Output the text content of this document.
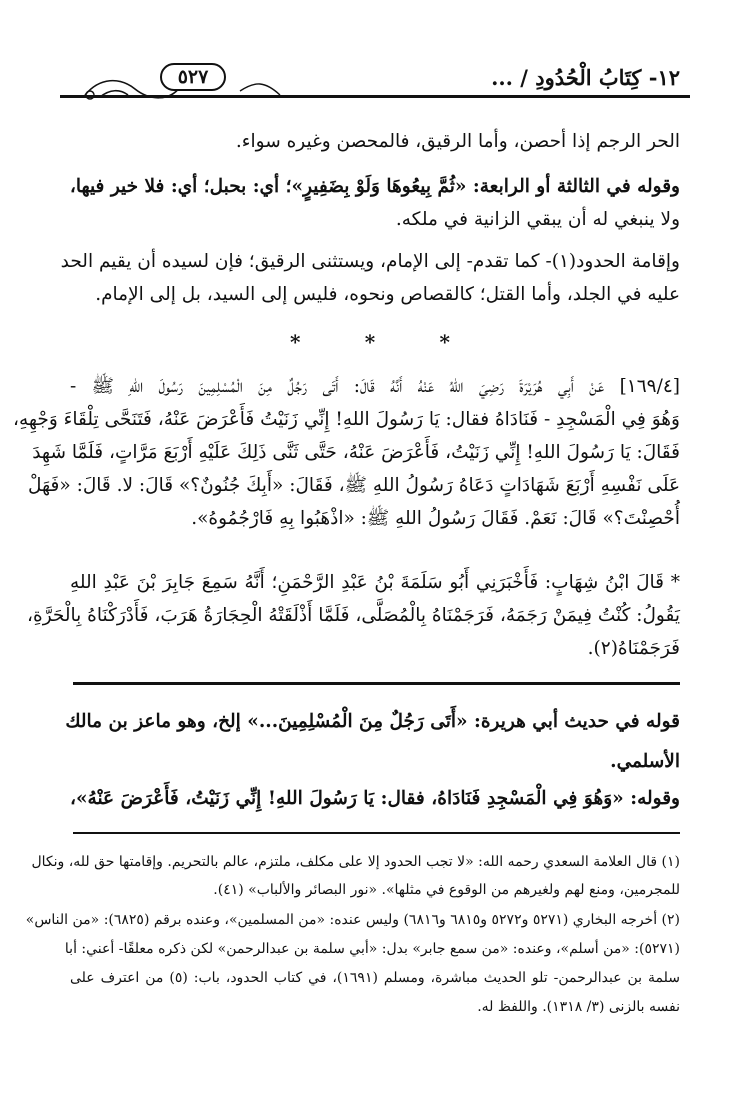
١٢- كِتَابُ الْحُدُودِ / ...
٥٢٧
الحر الرجم إذا أحصن، وأما الرقيق، فالمحصن وغيره سواء.
وقوله في الثالثة أو الرابعة: «ثُمَّ بِيعُوهَا وَلَوْ بِضَفِيرٍ»؛ أي: بحبل؛ أي: فلا خير فيها،
ولا ينبغي له أن يبقي الزانية في ملكه.
وإقامة الحدود(١)- كما تقدم- إلى الإمام، ويستثنى الرقيق؛ فإن لسيده أن يقيم الحد
عليه في الجلد، وأما القتل؛ كالقصاص ونحوه، فليس إلى السيد، بل إلى الإمام.
*	*	*
[١٦٩/٤] عَنْ أَبِي هُرَيْرَةَ رَضِيَ اللهُ عَنْهُ أَنَّهُ قَالَ: أَتَى رَجُلٌ مِنَ الْمُسْلِمِينَ رَسُولَ اللهِ ﷺ -
وَهُوَ فِي الْمَسْجِدِ - فَنَادَاهُ فقال: يَا رَسُولَ اللهِ! إِنِّي زَنَيْتُ فَأَعْرَضَ عَنْهُ، فَتَنَحَّى تِلْقَاءَ وَجْهِهِ،
فَقَالَ: يَا رَسُولَ اللهِ! إِنِّي زَنَيْتُ، فَأَعْرَضَ عَنْهُ، حَتَّى ثَنَّى ذَلِكَ عَلَيْهِ أَرْبَعَ مَرَّاتٍ، فَلَمَّا شَهِدَ
عَلَى نَفْسِهِ أَرْبَعَ شَهَادَاتٍ دَعَاهُ رَسُولُ اللهِ ﷺ، فَقَالَ: «أَبِكَ جُنُونٌ؟» قَالَ: لا. قَالَ: «فَهَلْ
أُحْصِنْتَ؟» قَالَ: نَعَمْ. فَقَالَ رَسُولُ اللهِ ﷺ: «اذْهَبُوا بِهِ فَارْجُمُوهُ».
* قَالَ ابْنُ شِهَابٍ: فَأَخْبَرَنِي أَبُو سَلَمَةَ بْنُ عَبْدِ الرَّحْمَنِ؛ أَنَّهُ سَمِعَ جَابِرَ بْنَ عَبْدِ اللهِ
يَقُولُ: كُنْتُ فِيمَنْ رَجَمَهُ، فَرَجَمْنَاهُ بِالْمُصَلَّى، فَلَمَّا أَذْلَقَتْهُ الْحِجَارَةُ هَرَبَ، فَأَدْرَكْنَاهُ بِالْحَرَّةِ،
فَرَجَمْنَاهُ(٢).
قوله في حديث أبي هريرة: «أَتَى رَجُلٌ مِنَ الْمُسْلِمِينَ...» إلخ، وهو ماعز بن مالك
الأسلمي.
وقوله: «وَهُوَ فِي الْمَسْجِدِ فَنَادَاهُ، فقال: يَا رَسُولَ اللهِ! إِنِّي زَنَيْتُ، فَأَعْرَضَ عَنْهُ»،
(١) قال العلامة السعدي رحمه الله: «لا تجب الحدود إلا على مكلف، ملتزم، عالم بالتحريم. وإقامتها حق لله، ونكال
للمجرمين، ومنع لهم ولغيرهم من الوقوع في مثلها». «نور البصائر والألباب» (٤١).
(٢) أخرجه البخاري (٥٢٧١ و٥٢٧٢ و٦٨١٥ و٦٨١٦) وليس عنده: «من المسلمين»، وعنده برقم (٦٨٢٥): «من الناس»
(٥٢٧١): «من أسلم»، وعنده: «من سمع جابر» بدل: «أبي سلمة بن عبدالرحمن» لكن ذكره معلقًا- أعني: أبا
سلمة بن عبدالرحمن- تلو الحديث مباشرة، ومسلم (١٦٩١)، في كتاب الحدود، باب: (٥) من اعترف على
نفسه بالزنى (٣/ ١٣١٨). واللفظ له.
